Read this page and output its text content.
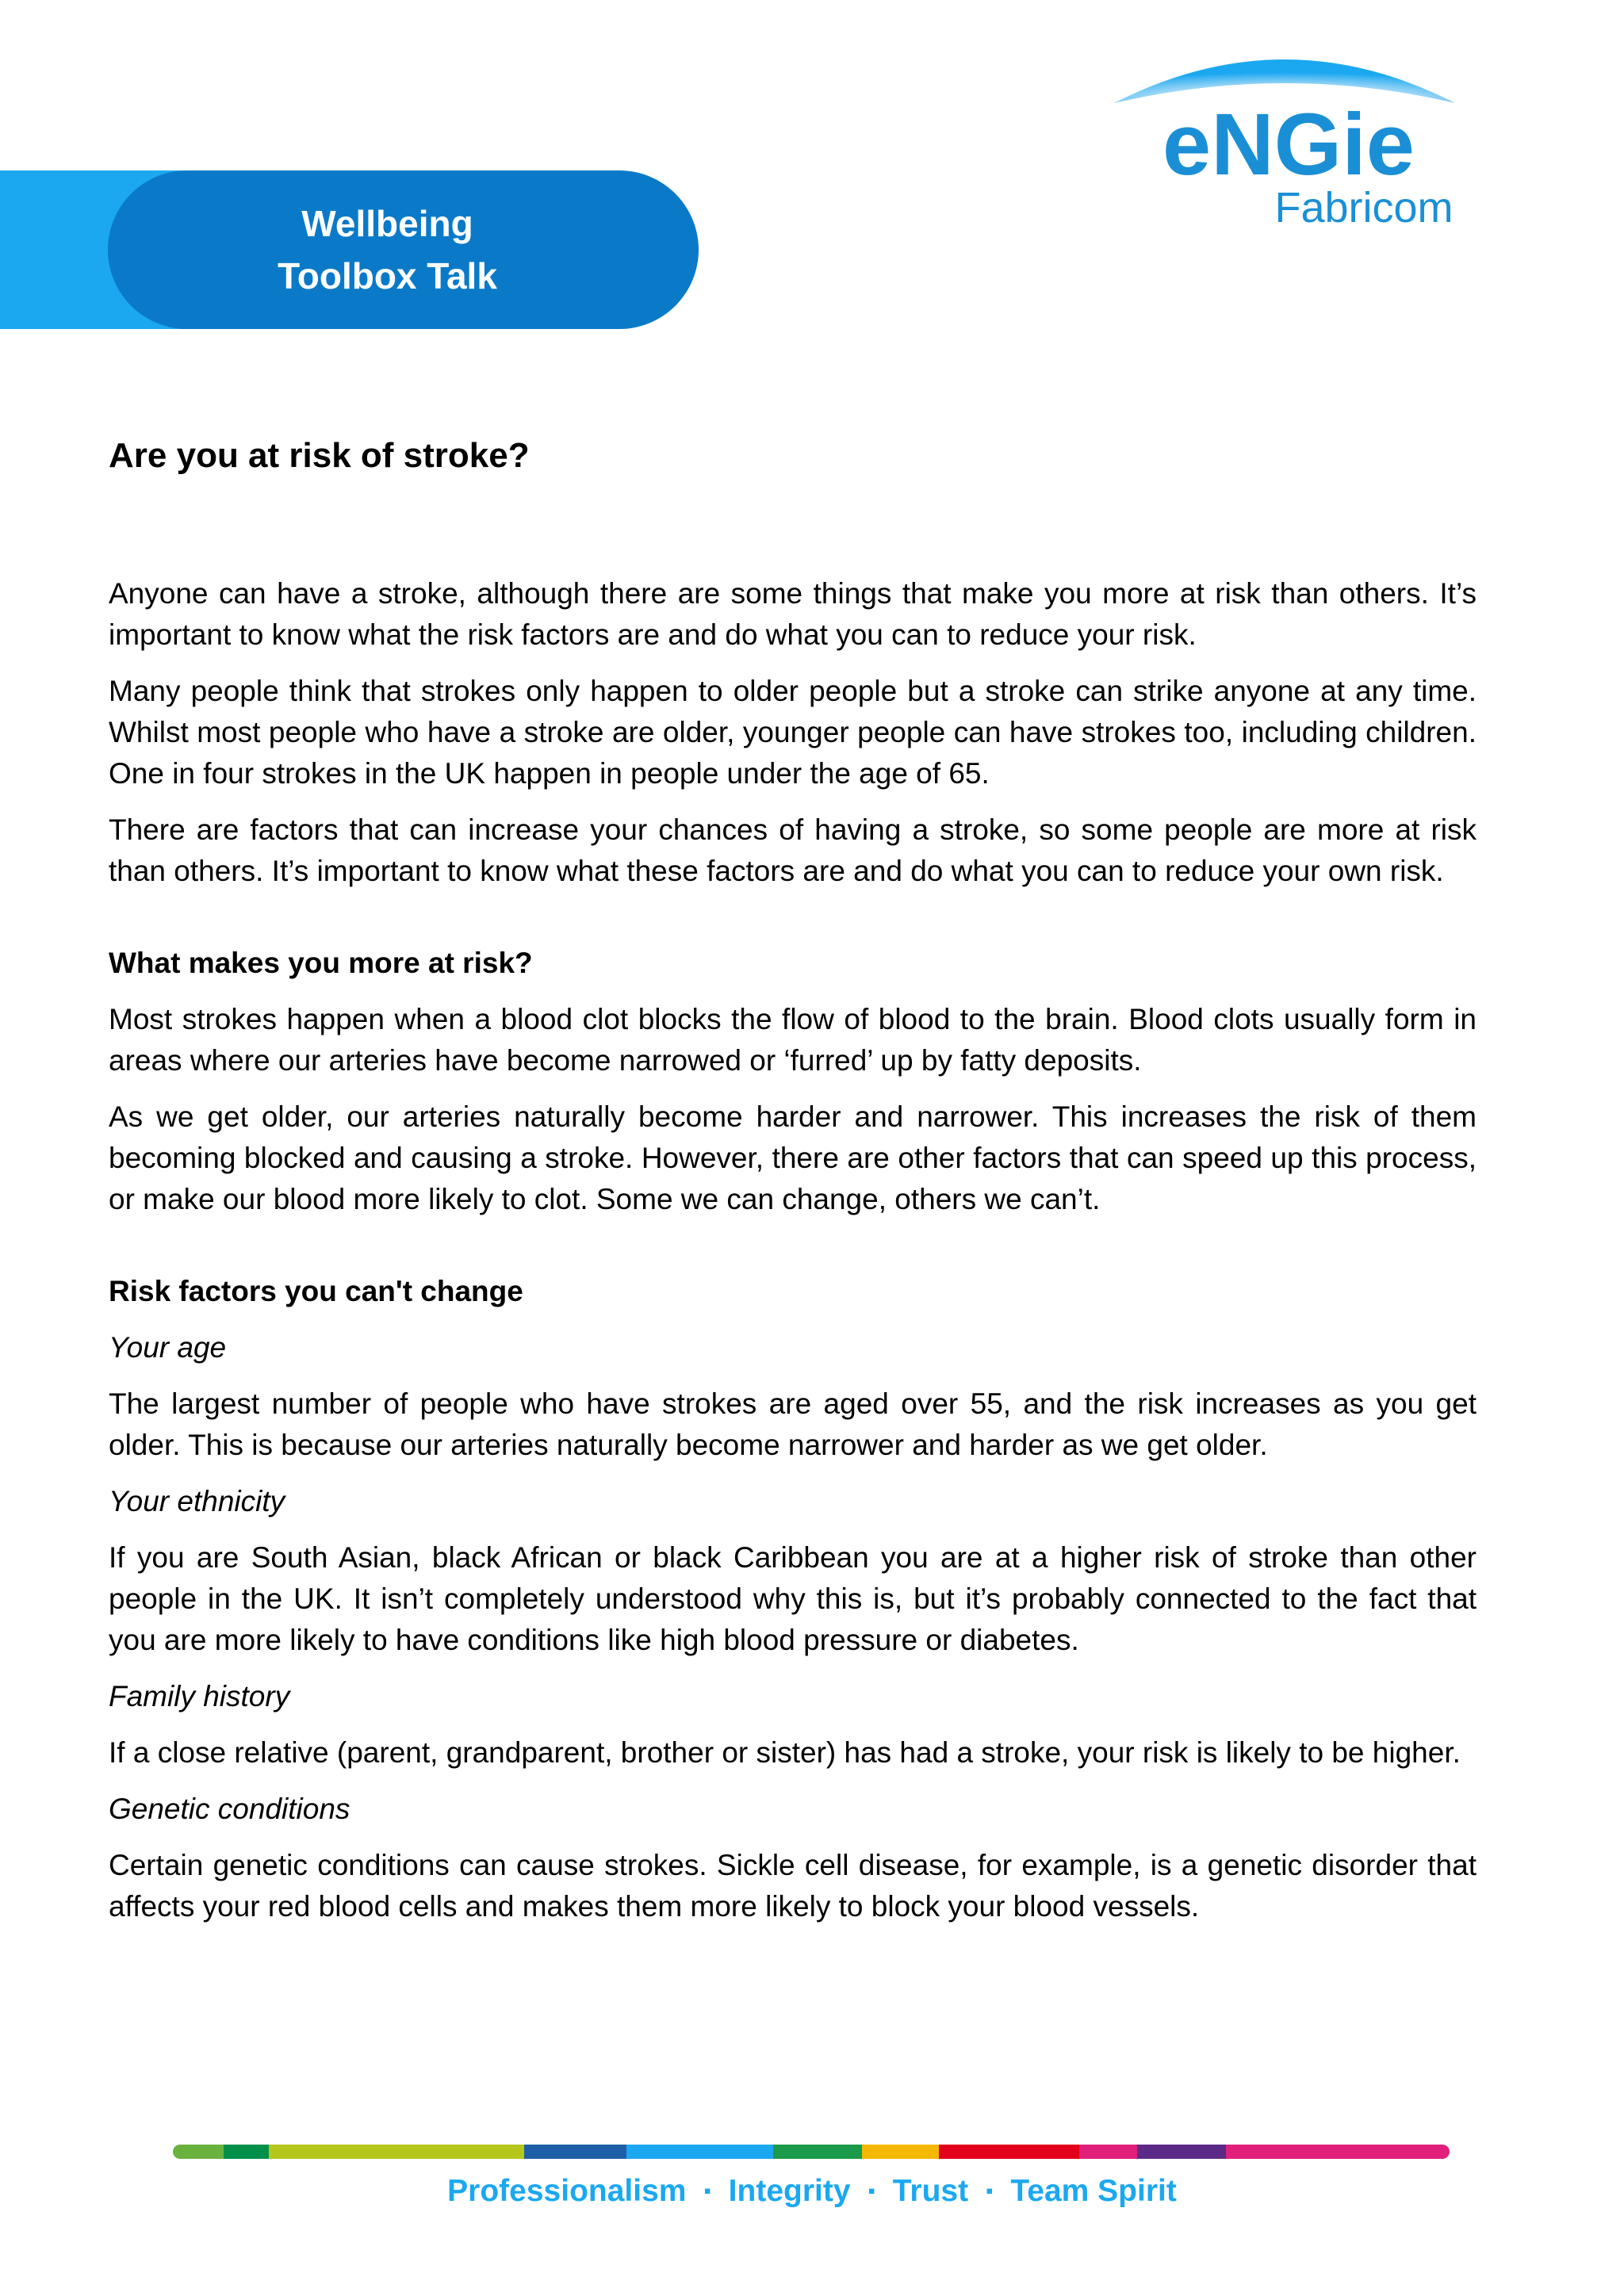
Wellbeing
Toolbox Talk
eNGie
Fabricom
Are you at risk of stroke?

Anyone can have a stroke, although there are some things that make you more at risk than others. It’s important to know what the risk factors are and do what you can to reduce your risk.

Many people think that strokes only happen to older people but a stroke can strike anyone at any time. Whilst most people who have a stroke are older, younger people can have strokes too, including children. One in four strokes in the UK happen in people under the age of 65.

There are factors that can increase your chances of having a stroke, so some people are more at risk than others. It’s important to know what these factors are and do what you can to reduce your own risk.

What makes you more at risk?

Most strokes happen when a blood clot blocks the flow of blood to the brain. Blood clots usually form in areas where our arteries have become narrowed or ‘furred’ up by fatty deposits.

As we get older, our arteries naturally become harder and narrower. This increases the risk of them becoming blocked and causing a stroke. However, there are other factors that can speed up this process, or make our blood more likely to clot. Some we can change, others we can’t.

Risk factors you can't change
Your age

The largest number of people who have strokes are aged over 55, and the risk increases as you get older. This is because our arteries naturally become narrower and harder as we get older.

Your ethnicity

If you are South Asian, black African or black Caribbean you are at a higher risk of stroke than other people in the UK. It isn’t completely understood why this is, but it’s probably connected to the fact that you are more likely to have conditions like high blood pressure or diabetes.

Family history

If a close relative (parent, grandparent, brother or sister) has had a stroke, your risk is likely to be higher.

Genetic conditions

Certain genetic conditions can cause strokes. Sickle cell disease, for example, is a genetic disorder that affects your red blood cells and makes them more likely to block your blood vessels.

Professionalism ▪ Integrity ▪ Trust ▪ Team Spirit
